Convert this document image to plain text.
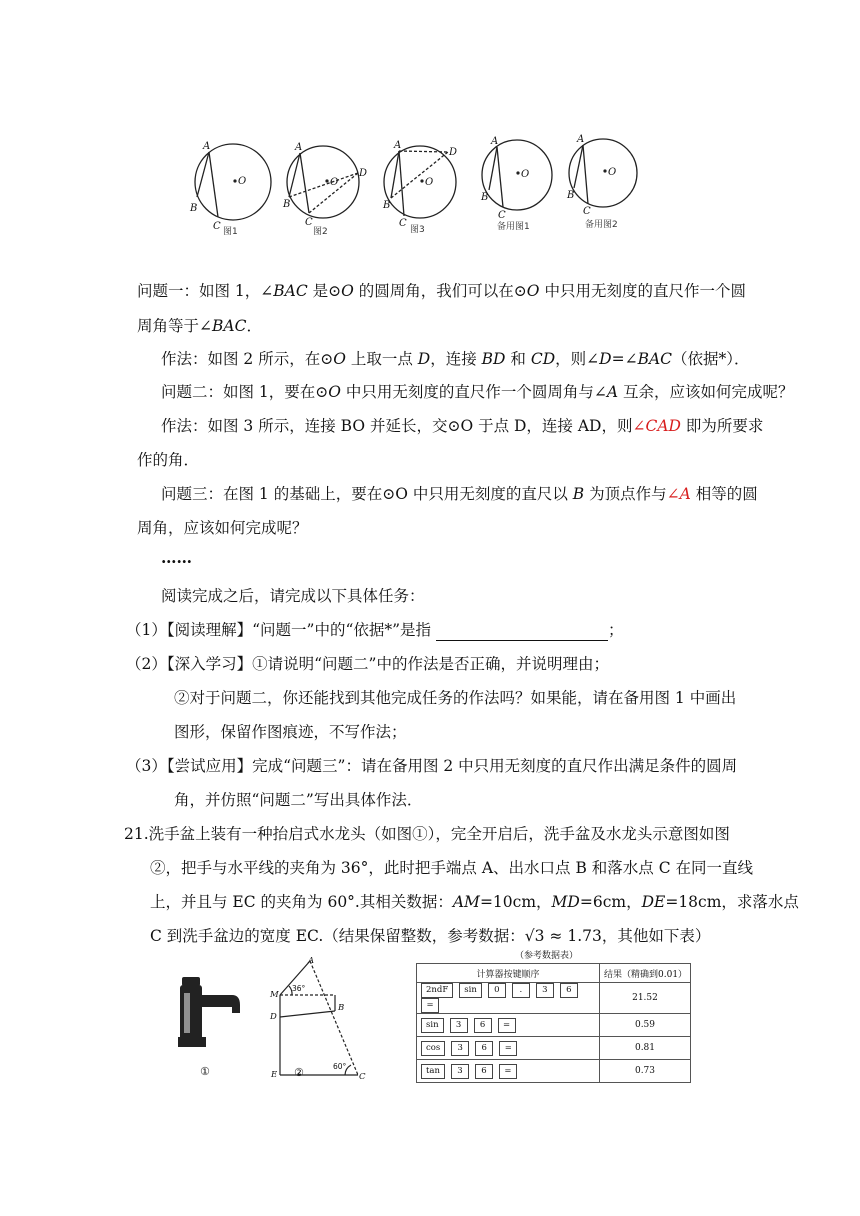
A
B
C
O
A
B
C
D
O
A
B
C
D
O
A
B
C
O
A
B
C
O
图1	图2	图3	备用图1	备用图2
问题一：如图 1，∠BAC 是⊙O 的圆周角，我们可以在⊙O 中只用无刻度的直尺作一个圆
周角等于∠BAC．
作法：如图 2 所示，在⊙O 上取一点 D，连接 BD 和 CD，则∠D=∠BAC（依据*）．
问题二：如图 1，要在⊙O 中只用无刻度的直尺作一个圆周角与∠A 互余，应该如何完成呢？
作法：如图 3 所示，连接 BO 并延长，交⊙O 于点 D，连接 AD，则∠CAD 即为所要求
作的角．
问题三：在图 1 的基础上，要在⊙O 中只用无刻度的直尺以 B 为顶点作与∠A 相等的圆
周角，应该如何完成呢？
……
阅读完成之后，请完成以下具体任务：
（1）【阅读理解】“问题一”中的“依据*”是指	；
（2）【深入学习】①请说明“问题二”中的作法是否正确，并说明理由；
②对于问题二，你还能找到其他完成任务的作法吗？如果能，请在备用图 1 中画出
图形，保留作图痕迹，不写作法；
（3）【尝试应用】完成“问题三”：请在备用图 2 中只用无刻度的直尺作出满足条件的圆周
角，并仿照“问题二”写出具体作法．
21.洗手盆上装有一种抬启式水龙头（如图①），完全开启后，洗手盆及水龙头示意图如图
②，把手与水平线的夹角为 36°，此时把手端点 A、出水口点 B 和落水点 C 在同一直线
上，并且与 EC 的夹角为 60°.其相关数据：AM=10cm，MD=6cm，DE=18cm，求落水点
C 到洗手盆边的宽度 EC.（结果保留整数，参考数据：√3 ≈ 1.73，其他如下表）
A
M
B
D
E	C
36°
60°
①	②
（参考数据表）
计算器按键顺序	结果（精确到0.01）
2ndF sin 0 . 3 6=	21.52
sin 3 6 =	0.59
cos 3 6 =	0.81
tan 3 6 =	0.73
